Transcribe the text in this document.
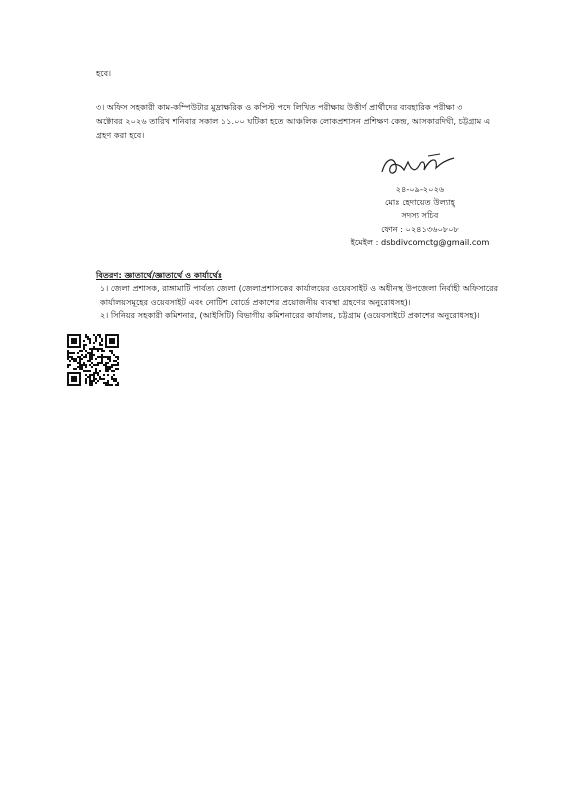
হবে।
৩। অফিস সহকারী কাম-কম্পিউটার মুদ্রাক্ষরিক ও কপিস্ট পদে লিখিত পরীক্ষায় উত্তীর্ণ প্রার্থীদের ব্যবহারিক পরীক্ষা ৩
অক্টোবর ২০২৬ তারিখ শনিবার সকাল ১১.০০ ঘটিকা হতে আঞ্চলিক লোকপ্রশাসন প্রশিক্ষণ কেন্দ্র, আসকারদিঘী, চট্টগ্রাম এ
গ্রহণ করা হবে।
২৪-০৯-২০২৬
মোঃ হেদায়েত উল্যাহ্
সদস্য সচিব
ফোন : ০২৪১৩৬০৮০৮
ইমেইল : dsbdivcomctg@gmail.com
বিতরণ: জ্ঞাতার্থে/জ্ঞাতার্থে ও কার্যার্থেঃ
১। জেলা প্রশাসক, রাঙ্গামাটি পার্বত্য জেলা (জেলাপ্রশাসকের কার্যালয়ের ওয়েবসাইট ও অধীনস্থ উপজেলা নির্বাহী অফিসারের
কার্যালয়সমূহের ওয়েবসাইট এবং নোটিশ বোর্ডে প্রকাশের প্রয়োজনীয় ব্যবস্থা গ্রহণের অনুরোধসহ)।
২। সিনিয়র সহকারী কমিশনার, (আইসিটি) বিভাগীয় কমিশনারের কার্যালয়, চট্টগ্রাম (ওয়েবসাইটে প্রকাশের অনুরোধসহ)।
